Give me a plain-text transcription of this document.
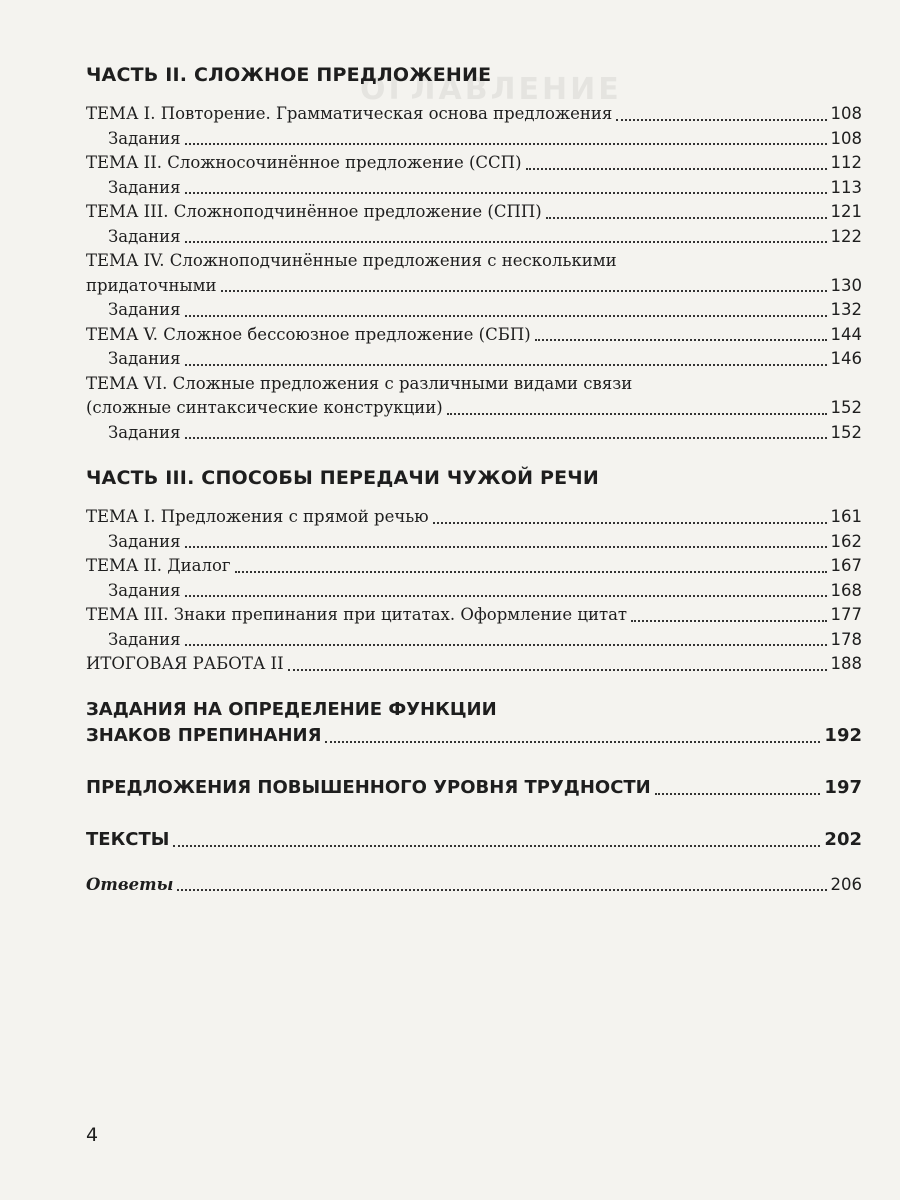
ОГЛАВЛЕНИЕ
ЧАСТЬ II. СЛОЖНОЕ ПРЕДЛОЖЕНИЕ
ТЕМА I. Повторение. Грамматическая основа предложения	108
Задания	108
ТЕМА II. Сложносочинённое предложение (ССП)	112
Задания	113
ТЕМА III. Сложноподчинённое предложение (СПП)	121
Задания	122
ТЕМА IV. Сложноподчинённые предложения с несколькими
придаточными	130
Задания	132
ТЕМА V. Сложное бессоюзное предложение (СБП)	144
Задания	146
ТЕМА VI. Сложные предложения с различными видами связи
(сложные синтаксические конструкции)	152
Задания	152
ЧАСТЬ III. СПОСОБЫ ПЕРЕДАЧИ ЧУЖОЙ РЕЧИ
ТЕМА I. Предложения с прямой речью	161
Задания	162
ТЕМА II. Диалог	167
Задания	168
ТЕМА III. Знаки препинания при цитатах. Оформление цитат	177
Задания	178
ИТОГОВАЯ РАБОТА II	188
ЗАДАНИЯ НА ОПРЕДЕЛЕНИЕ ФУНКЦИИ
ЗНАКОВ ПРЕПИНАНИЯ	192
ПРЕДЛОЖЕНИЯ ПОВЫШЕННОГО УРОВНЯ ТРУДНОСТИ	197
ТЕКСТЫ	202
Ответы	206
4
